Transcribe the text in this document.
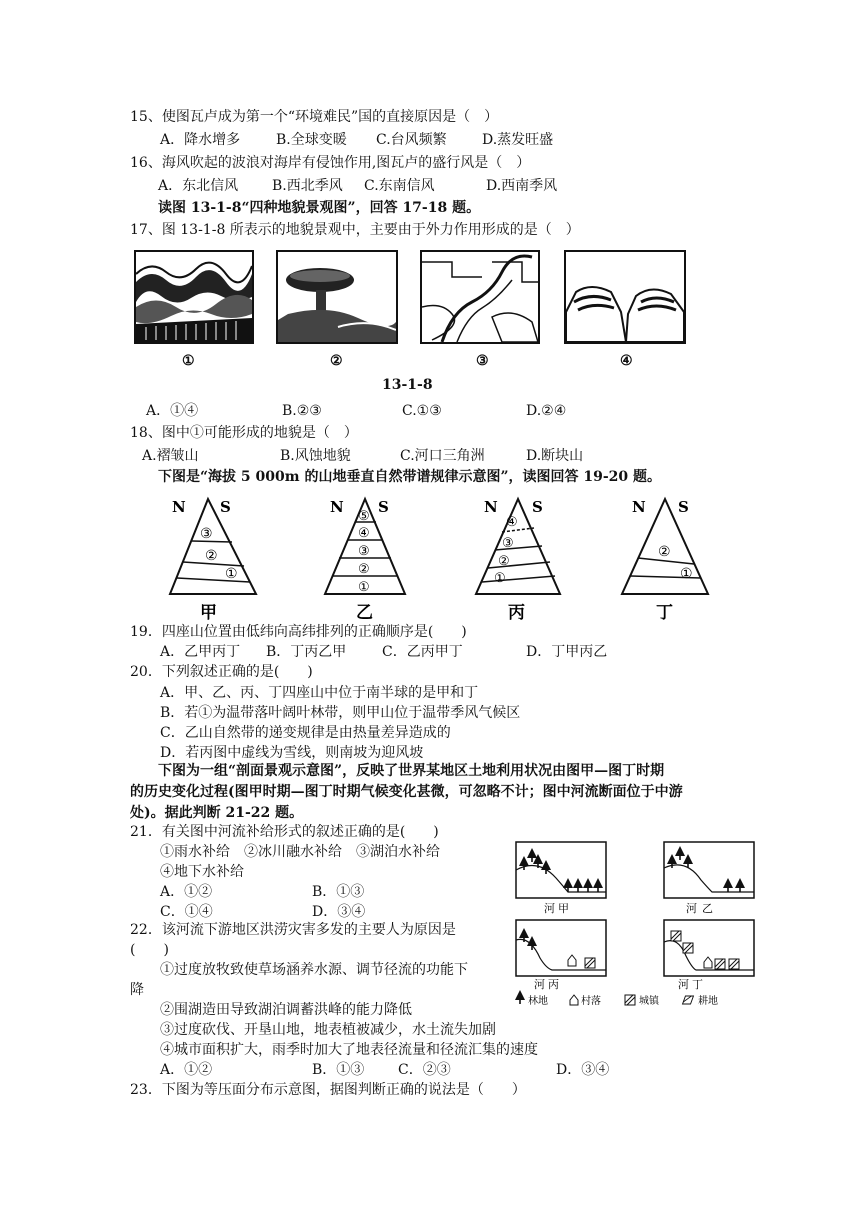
15、使图瓦卢成为第一个“环境难民”国的直接原因是（　）
A．降水增多	B.全球变暖 C.台风频繁	D.蒸发旺盛
16、海风吹起的波浪对海岸有侵蚀作用,图瓦卢的盛行风是（　）
A．东北信风 B.西北季风 C.东南信风	D.西南季风
读图 13-1-8“四种地貌景观图”，回答 17-18 题。
17、图 13-1-8 所表示的地貌景观中，主要由于外力作用形成的是（　）
①	②	③	④
13-1-8
A．①④	B.②③	C.①③	D.②④
18、图中①可能形成的地貌是（　）
A.褶皱山	B.风蚀地貌	C.河口三角洲	D.断块山
下图是“海拔 5 000m 的山地垂直自然带谱规律示意图”，读图回答 19-20 题。
N S
③
②
①
甲
N S
⑤
④
③
②
①
乙
N S
④
③
②
①
丙
N S
②
①
丁
19．四座山位置由低纬向高纬排列的正确顺序是(　　)
A．乙甲丙丁 B．丁丙乙甲	C．乙丙甲丁	D．丁甲丙乙
20．下列叙述正确的是(　　)
A．甲、乙、丙、丁四座山中位于南半球的是甲和丁
B．若①为温带落叶阔叶林带，则甲山位于温带季风气候区
C．乙山自然带的递变规律是由热量差异造成的
D．若丙图中虚线为雪线，则南坡为迎风坡
下图为一组“剖面景观示意图”，反映了世界某地区土地利用状况由图甲—图丁时期
的历史变化过程(图甲时期—图丁时期气候变化甚微，可忽略不计；图中河流断面位于中游
处)。据此判断 21-22 题。
21．有关图中河流补给形式的叙述正确的是(　　)
①雨水补给　②冰川融水补给　③湖泊水补给
④地下水补给
A．①②	B．①③
C．①④	D．③④
22．该河流下游地区洪涝灾害多发的主要人为原因是
(　　)
①过度放牧致使草场涵养水源、调节径流的功能下
降
②围湖造田导致湖泊调蓄洪峰的能力降低
③过度砍伐、开垦山地，地表植被减少，水土流失加剧
④城市面积扩大，雨季时加大了地表径流量和径流汇集的速度
A．①②	B．①③ C．②③	D．③④
23．下图为等压面分布示意图，据图判断正确的说法是（　　）
河 甲	河 乙
河 丙	河 丁
林地	村落	城镇	耕地
